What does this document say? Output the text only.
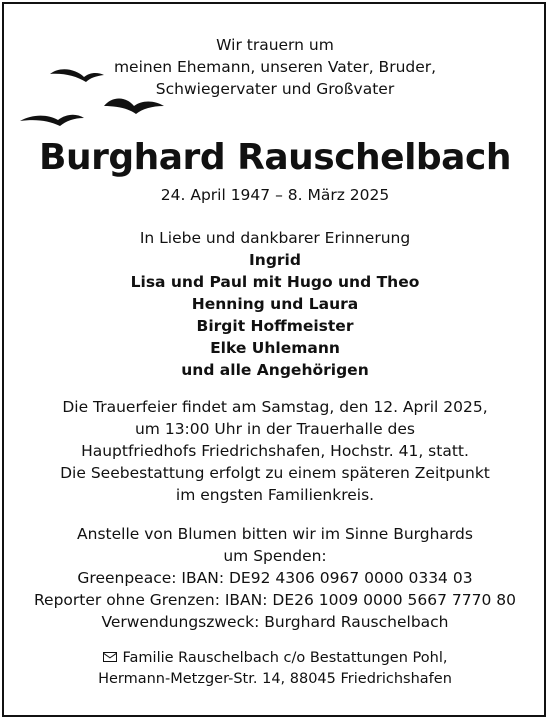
Wir trauern um
meinen Ehemann, unseren Vater, Bruder,
Schwiegervater und Großvater
Burghard Rauschelbach
24. April 1947 – 8. März 2025
In Liebe und dankbarer Erinnerung
Ingrid
Lisa und Paul mit Hugo und Theo
Henning und Laura
Birgit Hoffmeister
Elke Uhlemann
und alle Angehörigen
Die Trauerfeier findet am Samstag, den 12. April 2025,
um 13:00 Uhr in der Trauerhalle des
Hauptfriedhofs Friedrichshafen, Hochstr. 41, statt.
Die Seebestattung erfolgt zu einem späteren Zeitpunkt
im engsten Familienkreis.
Anstelle von Blumen bitten wir im Sinne Burghards
um Spenden:
Greenpeace: IBAN: DE92 4306 0967 0000 0334 03
Reporter ohne Grenzen: IBAN: DE26 1009 0000 5667 7770 80
Verwendungszweck: Burghard Rauschelbach
Familie Rauschelbach c/o Bestattungen Pohl,
Hermann-Metzger-Str. 14, 88045 Friedrichshafen
